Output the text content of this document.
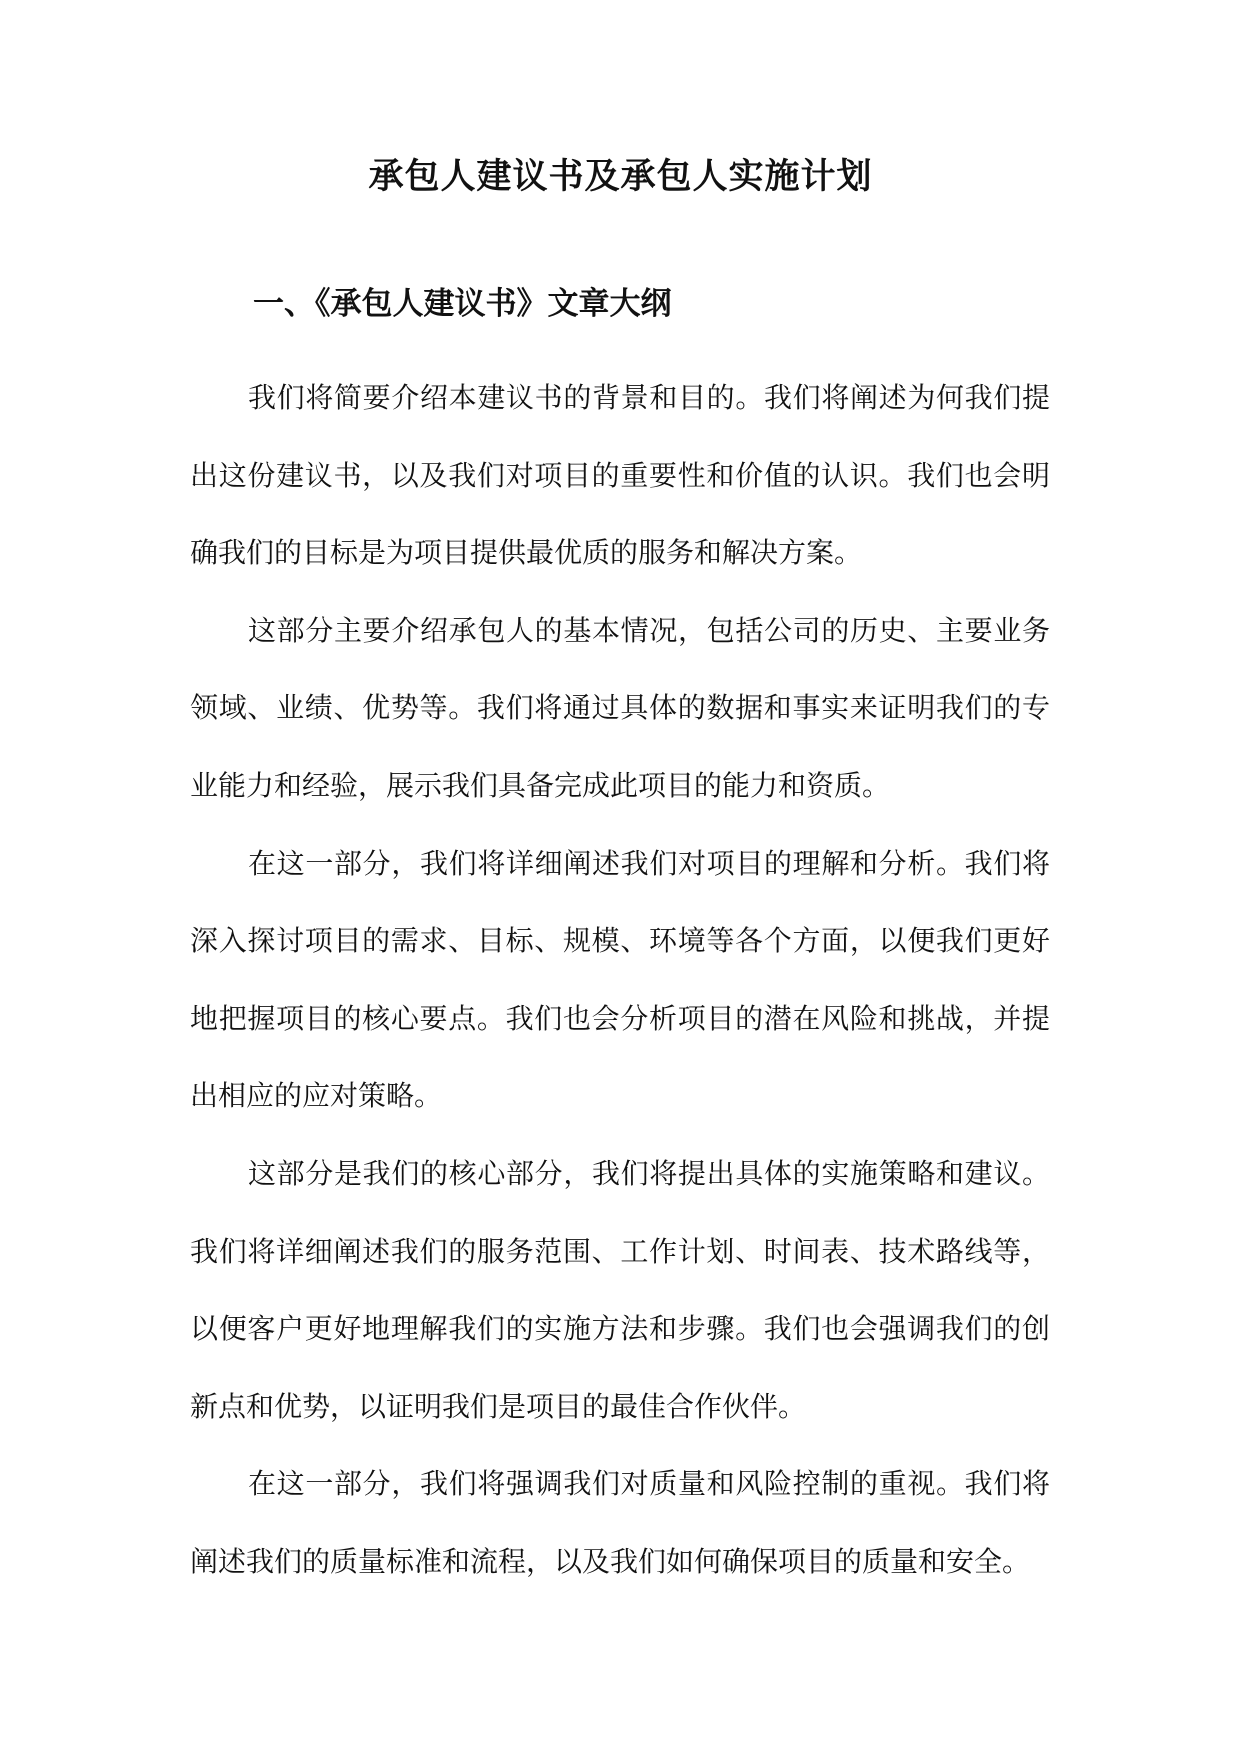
承包人建议书及承包人实施计划
一、《承包人建议书》文章大纲

我们将简要介绍本建议书的背景和目的。我们将阐述为何我们提出这份建议书，以及我们对项目的重要性和价值的认识。我们也会明确我们的目标是为项目提供最优质的服务和解决方案。

这部分主要介绍承包人的基本情况，包括公司的历史、主要业务领域、业绩、优势等。我们将通过具体的数据和事实来证明我们的专业能力和经验，展示我们具备完成此项目的能力和资质。

在这一部分，我们将详细阐述我们对项目的理解和分析。我们将深入探讨项目的需求、目标、规模、环境等各个方面，以便我们更好地把握项目的核心要点。我们也会分析项目的潜在风险和挑战，并提出相应的应对策略。

这部分是我们的核心部分，我们将提出具体的实施策略和建议。我们将详细阐述我们的服务范围、工作计划、时间表、技术路线等，以便客户更好地理解我们的实施方法和步骤。我们也会强调我们的创新点和优势，以证明我们是项目的最佳合作伙伴。

在这一部分，我们将强调我们对质量和风险控制的重视。我们将阐述我们的质量标准和流程，以及我们如何确保项目的质量和安全。
